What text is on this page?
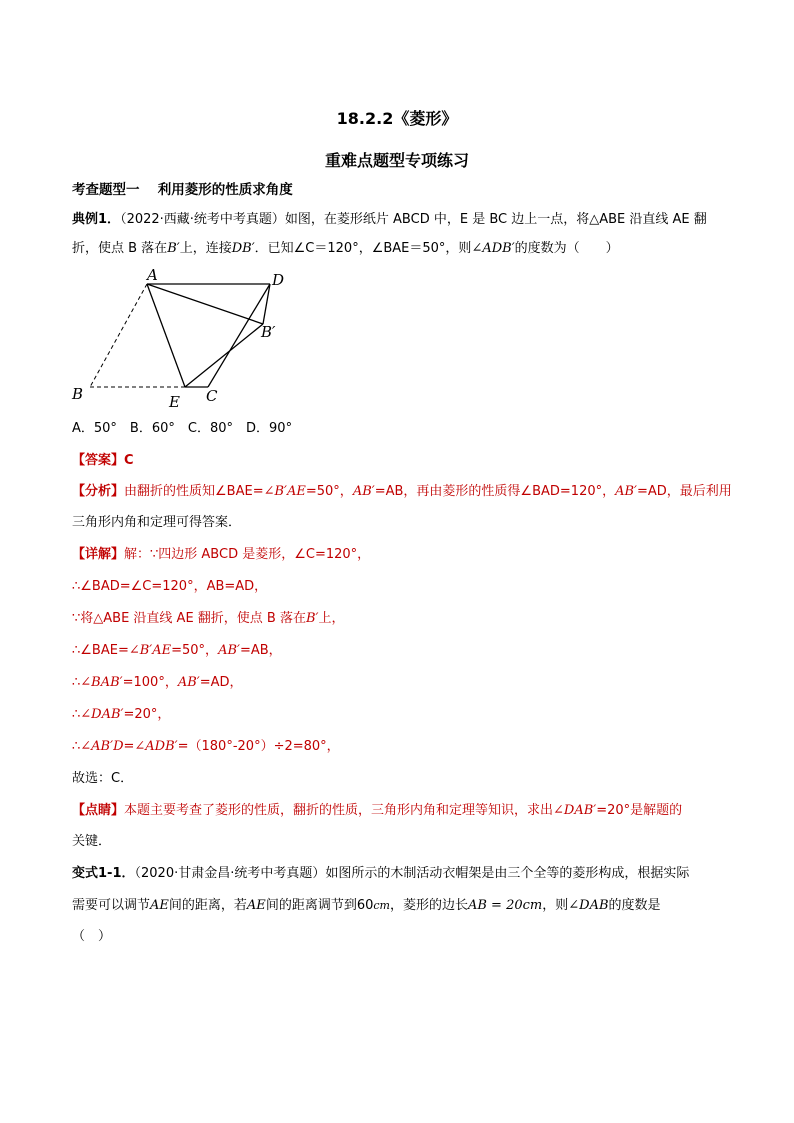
18.2.2《菱形》
重难点题型专项练习
考查题型一　 利用菱形的性质求角度
典例1．（2022·西藏·统考中考真题）如图，在菱形纸片 ABCD 中，E 是 BC 边上一点，将△ABE 沿直线 AE 翻
折，使点 B 落在B′上，连接DB′．已知∠C＝120°，∠BAE＝50°，则∠ADB′的度数为（　　）
A	D
B′
B	E C
A．50°　B．60°　C．80°　D．90°
【答案】C
【分析】由翻折的性质知∠BAE=∠B′AE=50°，AB′=AB，再由菱形的性质得∠BAD=120°，AB′=AD，最后利用
三角形内角和定理可得答案．
【详解】解：∵四边形 ABCD 是菱形，∠C=120°，
∴∠BAD=∠C=120°，AB=AD，
∵将△ABE 沿直线 AE 翻折，使点 B 落在B′上，
∴∠BAE=∠B′AE=50°，AB′=AB，
∴∠BAB′=100°，AB′=AD，
∴∠DAB′=20°，
∴∠AB′D=∠ADB′=（180°-20°）÷2=80°，
故选：C．
【点睛】本题主要考查了菱形的性质，翻折的性质，三角形内角和定理等知识，求出∠DAB′=20°是解题的
关键．
变式1-1．（2020·甘肃金昌·统考中考真题）如图所示的木制活动衣帽架是由三个全等的菱形构成，根据实际
需要可以调节AE间的距离，若AE间的距离调节到60cm，菱形的边长AB = 20cm，则∠DAB的度数是
（　）
